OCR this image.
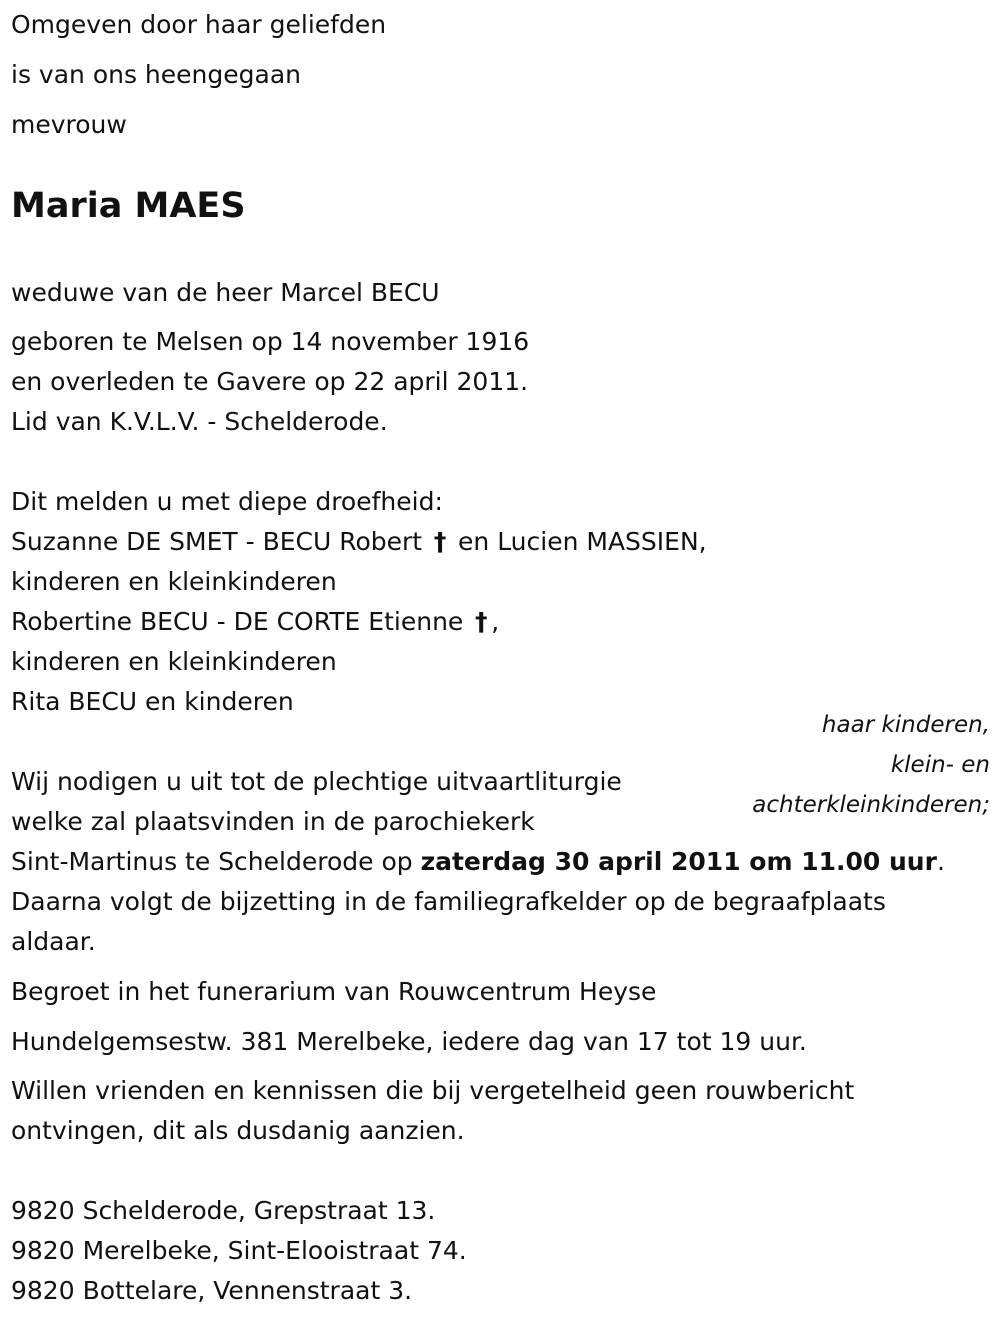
Omgeven door haar geliefden

is van ons heengegaan

mevrouw

Maria MAES

weduwe van de heer Marcel BECU

geboren te Melsen op 14 november 1916

en overleden te Gavere op 22 april 2011.

Lid van K.V.L.V. - Schelderode.

Dit melden u met diepe droefheid:

Suzanne DE SMET - BECU Robert † en Lucien MASSIEN,

kinderen en kleinkinderen

Robertine BECU - DE CORTE Etienne † ,

kinderen en kleinkinderen

Rita BECU en kinderen

haar kinderen,
klein- en
achterkleinkinderen;

Wij nodigen u uit tot de plechtige uitvaartliturgie

welke zal plaatsvinden in de parochiekerk

Sint-Martinus te Schelderode op zaterdag 30 april 2011 om 11.00 uur.

Daarna volgt de bijzetting in de familiegrafkelder op de begraafplaats

aldaar.

Begroet in het funerarium van Rouwcentrum Heyse

Hundelgemsestw. 381 Merelbeke, iedere dag van 17 tot 19 uur.

Willen vrienden en kennissen die bij vergetelheid geen rouwbericht

ontvingen, dit als dusdanig aanzien.

9820 Schelderode, Grepstraat 13.

9820 Merelbeke, Sint-Elooistraat 74.

9820 Bottelare, Vennenstraat 3.
